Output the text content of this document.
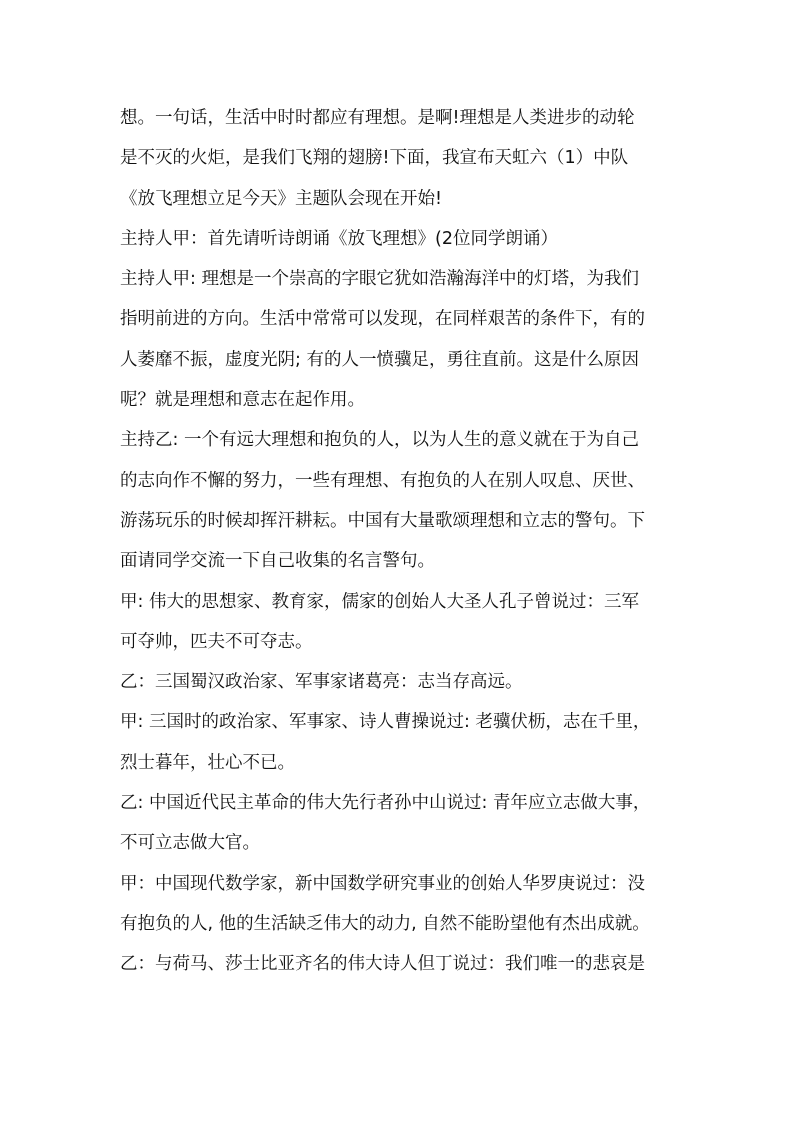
想。一句话，生活中时时都应有理想。是啊!理想是人类进步的动轮
是不灭的火炬，是我们飞翔的翅膀!下面，我宣布天虹六（1）中队
《放飞理想立足今天》主题队会现在开始!
主持人甲：首先请听诗朗诵《放飞理想》(2位同学朗诵）
主持人甲: 理想是一个崇高的字眼它犹如浩瀚海洋中的灯塔，为我们
指明前进的方向。生活中常常可以发现，在同样艰苦的条件下，有的
人萎靡不振，虚度光阴; 有的人一愤骥足，勇往直前。这是什么原因
呢？就是理想和意志在起作用。
主持乙: 一个有远大理想和抱负的人，以为人生的意义就在于为自己
的志向作不懈的努力，一些有理想、有抱负的人在别人叹息、厌世、
游荡玩乐的时候却挥汗耕耘。中国有大量歌颂理想和立志的警句。下
面请同学交流一下自己收集的名言警句。
甲: 伟大的思想家、教育家，儒家的创始人大圣人孔子曾说过：三军
可夺帅，匹夫不可夺志。
乙：三国蜀汉政治家、军事家诸葛亮：志当存高远。
甲: 三国时的政治家、军事家、诗人曹操说过: 老骥伏枥，志在千里，
烈士暮年，壮心不已。
乙: 中国近代民主革命的伟大先行者孙中山说过: 青年应立志做大事，
不可立志做大官。
甲：中国现代数学家，新中国数学研究事业的创始人华罗庚说过：没
有抱负的人, 他的生活缺乏伟大的动力, 自然不能盼望他有杰出成就。
乙：与荷马、莎士比亚齐名的伟大诗人但丁说过：我们唯一的悲哀是
